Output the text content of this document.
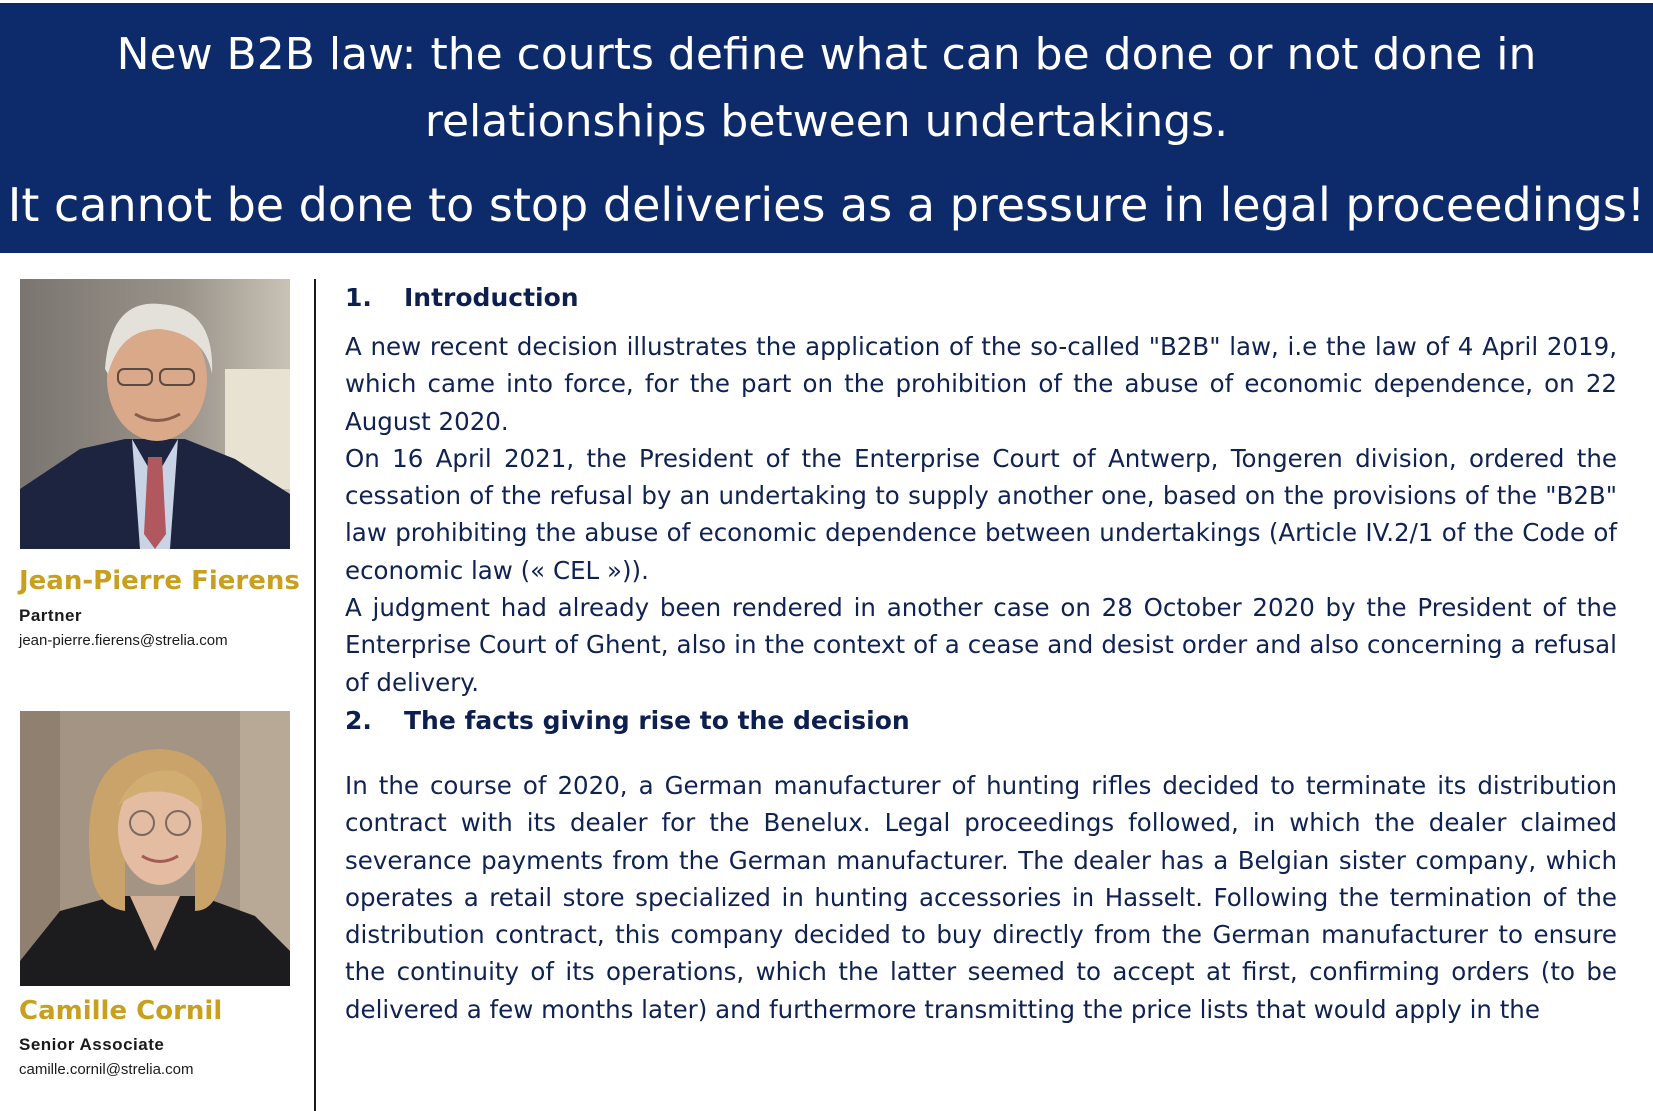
New B2B law: the courts define what can be done or not done in
relationships between undertakings.
It cannot be done to stop deliveries as a pressure in legal proceedings!
Jean-Pierre Fierens
Partner
jean-pierre.fierens@strelia.com
Camille Cornil
Senior Associate
camille.cornil@strelia.com
1. Introduction

A new recent decision illustrates the application of the so-called "B2B" law, i.e the law of 4 April 2019, which came into force, for the part on the prohibition of the abuse of economic dependence, on 22 August 2020.

On 16 April 2021, the President of the Enterprise Court of Antwerp, Tongeren division, ordered the cessation of the refusal by an undertaking to supply another one, based on the provisions of the "B2B" law prohibiting the abuse of economic dependence between undertakings (Article IV.2/1 of the Code of economic law (« CEL »)).

A judgment had already been rendered in another case on 28 October 2020 by the President of the Enterprise Court of Ghent, also in the context of a cease and desist order and also concerning a refusal of delivery.

2. The facts giving rise to the decision

In the course of 2020, a German manufacturer of hunting rifles decided to terminate its distribution contract with its dealer for the Benelux. Legal proceedings followed, in which the dealer claimed severance payments from the German manufacturer. The dealer has a Belgian sister company, which operates a retail store specialized in hunting accessories in Hasselt. Following the termination of the distribution contract, this company decided to buy directly from the German manufacturer to ensure the continuity of its operations, which the latter seemed to accept at first, confirming orders (to be delivered a few months later) and furthermore transmitting the price lists that would apply in the
